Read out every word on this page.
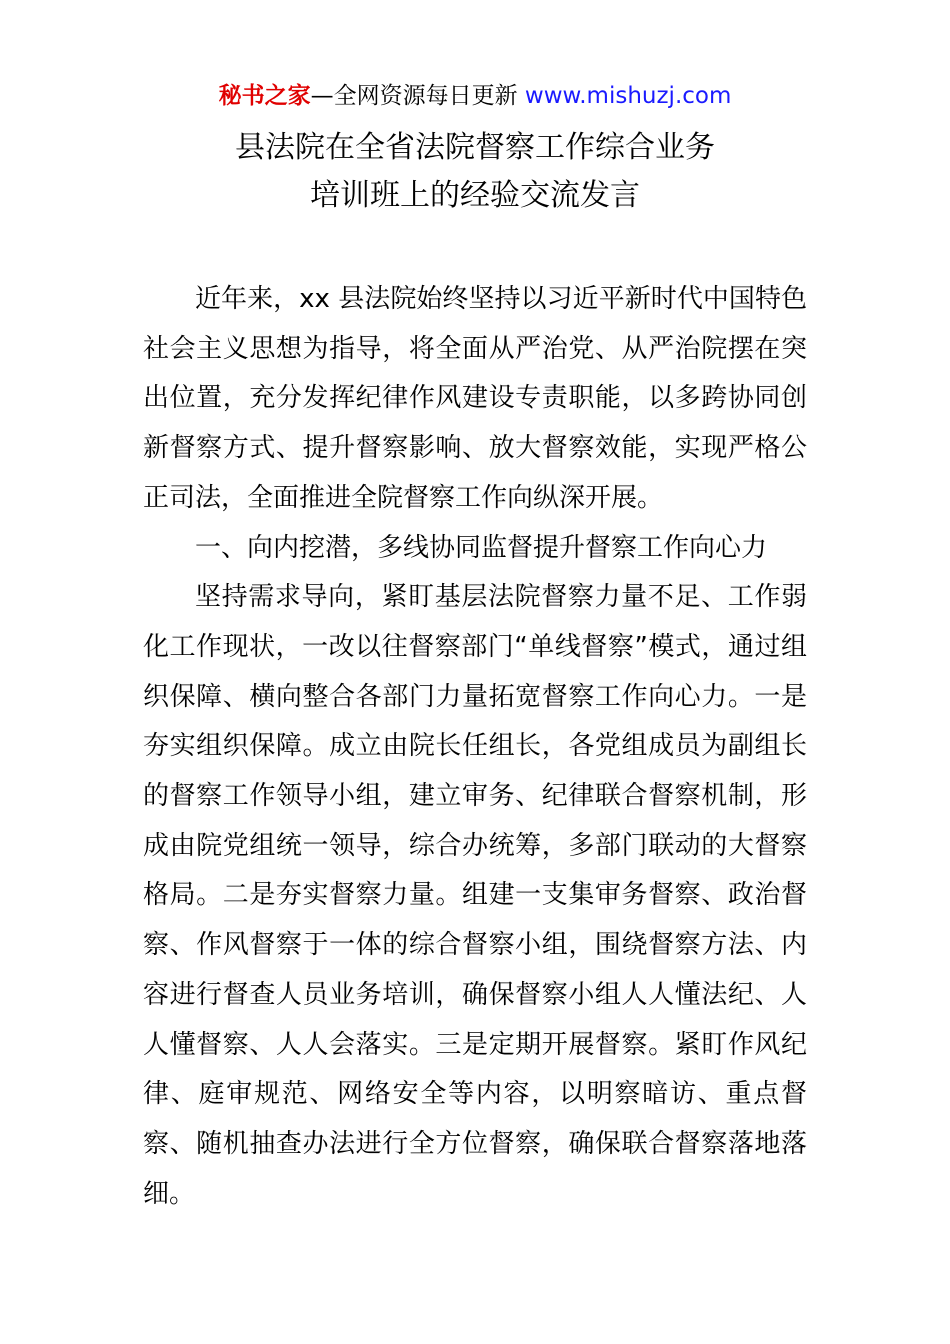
秘书之家—全网资源每日更新 www.mishuzj.com
县法院在全省法院督察工作综合业务
培训班上的经验交流发言

近年来，xx 县法院始终坚持以习近平新时代中国特色社会主义思想为指导，将全面从严治党、从严治院摆在突出位置，充分发挥纪律作风建设专责职能，以多跨协同创新督察方式、提升督察影响、放大督察效能，实现严格公正司法，全面推进全院督察工作向纵深开展。

一、向内挖潜，多线协同监督提升督察工作向心力

坚持需求导向，紧盯基层法院督察力量不足、工作弱化工作现状，一改以往督察部门“单线督察”模式，通过组织保障、横向整合各部门力量拓宽督察工作向心力。一是夯实组织保障。成立由院长任组长，各党组成员为副组长的督察工作领导小组，建立审务、纪律联合督察机制，形成由院党组统一领导，综合办统筹，多部门联动的大督察格局。二是夯实督察力量。组建一支集审务督察、政治督察、作风督察于一体的综合督察小组，围绕督察方法、内容进行督查人员业务培训，确保督察小组人人懂法纪、人人懂督察、人人会落实。三是定期开展督察。紧盯作风纪律、庭审规范、网络安全等内容，以明察暗访、重点督察、随机抽查办法进行全方位督察，确保联合督察落地落细。
